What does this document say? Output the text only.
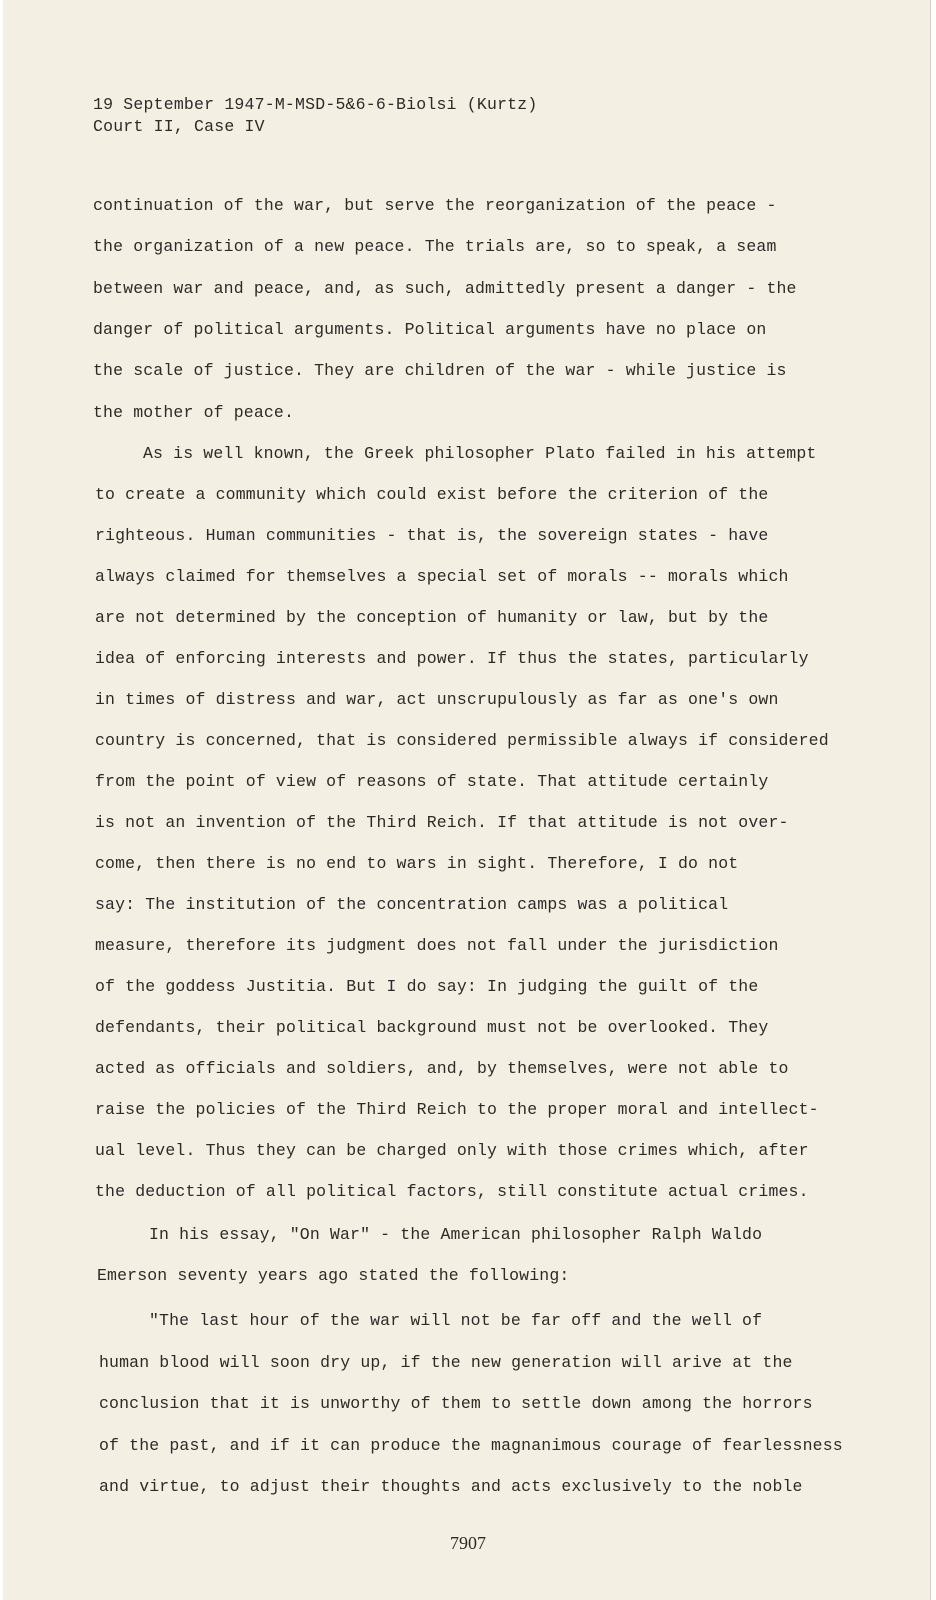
19 September 1947-M-MSD-5&6-6-Biolsi (Kurtz)
Court II, Case IV
continuation of the war, but serve the reorganization of the peace -
the organization of a new peace. The trials are, so to speak, a seam
between war and peace, and, as such, admittedly present a danger - the
danger of political arguments. Political arguments have no place on
the scale of justice. They are children of the war - while justice is
the mother of peace.
As is well known, the Greek philosopher Plato failed in his attempt
to create a community which could exist before the criterion of the
righteous. Human communities - that is, the sovereign states - have
always claimed for themselves a special set of morals -- morals which
are not determined by the conception of humanity or law, but by the
idea of enforcing interests and power. If thus the states, particularly
in times of distress and war, act unscrupulously as far as one's own
country is concerned, that is considered permissible always if considered
from the point of view of reasons of state. That attitude certainly
is not an invention of the Third Reich. If that attitude is not over-
come, then there is no end to wars in sight. Therefore, I do not
say: The institution of the concentration camps was a political
measure, therefore its judgment does not fall under the jurisdiction
of the goddess Justitia. But I do say: In judging the guilt of the
defendants, their political background must not be overlooked. They
acted as officials and soldiers, and, by themselves, were not able to
raise the policies of the Third Reich to the proper moral and intellect-
ual level. Thus they can be charged only with those crimes which, after
the deduction of all political factors, still constitute actual crimes.
In his essay, "On War" - the American philosopher Ralph Waldo
Emerson seventy years ago stated the following:
"The last hour of the war will not be far off and the well of
human blood will soon dry up, if the new generation will arive at the
conclusion that it is unworthy of them to settle down among the horrors
of the past, and if it can produce the magnanimous courage of fearlessness
and virtue, to adjust their thoughts and acts exclusively to the noble
7907
